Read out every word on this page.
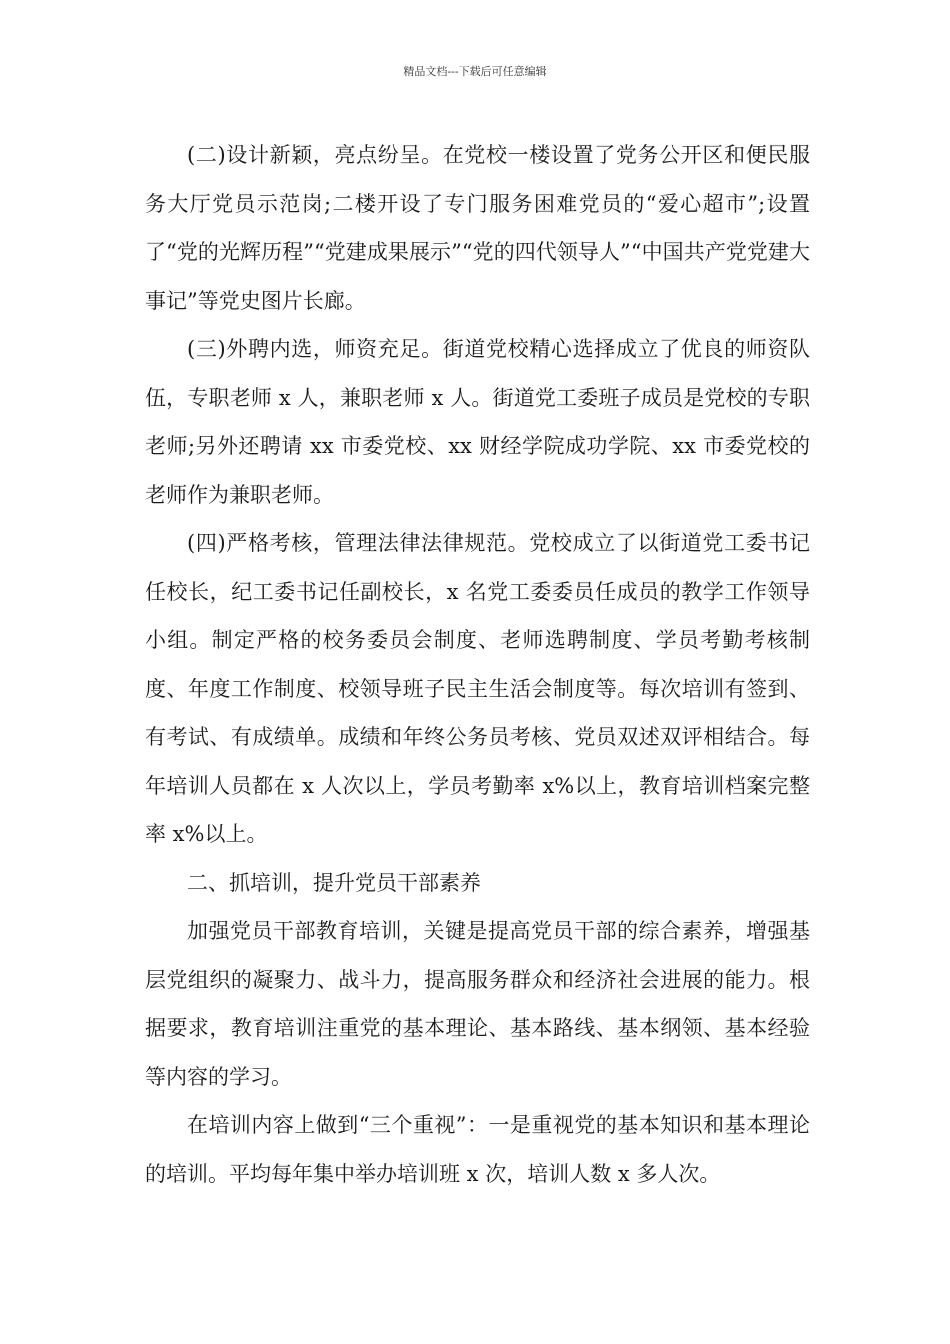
精品文档---下载后可任意编辑

(二)设计新颖，亮点纷呈。在党校一楼设置了党务公开区和便民服务大厅党员示范岗;二楼开设了专门服务困难党员的“爱心超市”;设置了“党的光辉历程”“党建成果展示”“党的四代领导人”“中国共产党党建大事记”等党史图片长廊。

(三)外聘内选，师资充足。街道党校精心选择成立了优良的师资队伍，专职老师 x 人，兼职老师 x 人。街道党工委班子成员是党校的专职老师;另外还聘请 xx 市委党校、xx 财经学院成功学院、xx 市委党校的老师作为兼职老师。

(四)严格考核，管理法律法律规范。党校成立了以街道党工委书记任校长，纪工委书记任副校长，x 名党工委委员任成员的教学工作领导小组。制定严格的校务委员会制度、老师选聘制度、学员考勤考核制度、年度工作制度、校领导班子民主生活会制度等。每次培训有签到、有考试、有成绩单。成绩和年终公务员考核、党员双述双评相结合。每年培训人员都在 x 人次以上，学员考勤率 x%以上，教育培训档案完整率 x%以上。

二、抓培训，提升党员干部素养

加强党员干部教育培训，关键是提高党员干部的综合素养，增强基层党组织的凝聚力、战斗力，提高服务群众和经济社会进展的能力。根据要求，教育培训注重党的基本理论、基本路线、基本纲领、基本经验等内容的学习。

在培训内容上做到“三个重视”：一是重视党的基本知识和基本理论的培训。平均每年集中举办培训班 x 次，培训人数 x 多人次。
